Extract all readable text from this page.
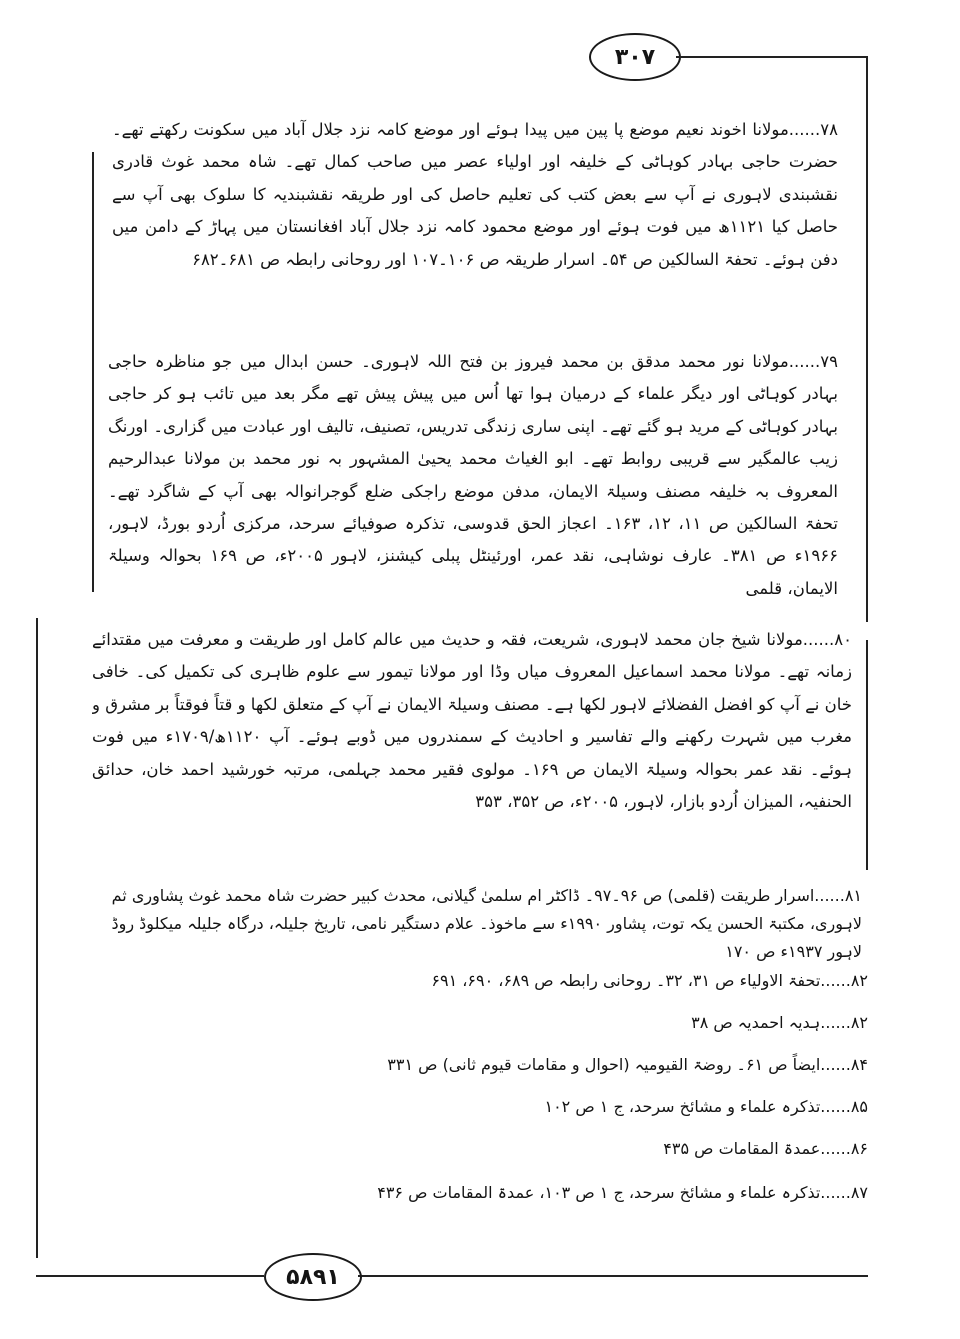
۳۰۷
۷۸......مولانا اخوند نعیم موضع پا پین میں پیدا ہوئے اور موضع کامہ نزد جلال آباد میں سکونت رکھتے تھے۔ حضرت حاجی بہادر کوہاٹی کے خلیفہ اور اولیاء عصر میں صاحب کمال تھے۔ شاہ محمد غوث قادری نقشبندی لاہوری نے آپ سے بعض کتب کی تعلیم حاصل کی اور طریقہ نقشبندیہ کا سلوک بھی آپ سے حاصل کیا ۱۱۲۱ھ میں فوت ہوئے اور موضع محمود کامہ نزد جلال آباد افغانستان میں پہاڑ کے دامن میں دفن ہوئے۔ تحفۃ السالکین ص ۵۴۔ اسرار طریقہ ص ۱۰۶۔۱۰۷ اور روحانی رابطہ ص ۶۸۱۔۶۸۲
۷۹......مولانا نور محمد مدقق بن محمد فیروز بن فتح اللہ لاہوری۔ حسن ابدال میں جو مناظرہ حاجی بہادر کوہاٹی اور دیگر علماء کے درمیان ہوا تھا اُس میں پیش پیش تھے مگر بعد میں تائب ہو کر حاجی بہادر کوہاٹی کے مرید ہو گئے تھے۔ اپنی ساری زندگی تدریس، تصنیف، تالیف اور عبادت میں گزاری۔ اورنگ زیب عالمگیر سے قریبی روابط تھے۔ ابو الغیاث محمد یحییٰ المشہور بہ نور محمد بن مولانا عبدالرحیم المعروف بہ خلیفہ مصنف وسیلۃ الایمان، مدفن موضع راجکی ضلع گوجرانوالہ بھی آپ کے شاگرد تھے۔ تحفۃ السالکین ص ۱۱، ۱۲، ۱۶۳۔ اعجاز الحق قدوسی، تذکرہ صوفیائے سرحد، مرکزی اُردو بورڈ، لاہور، ۱۹۶۶ء ص ۳۸۱۔ عارف نوشاہی، نقد عمر، اورئینٹل پبلی کیشنز، لاہور ۲۰۰۵ء، ص ۱۶۹ بحوالہ وسیلۃ الایمان، قلمی
۸۰......مولانا شیخ جان محمد لاہوری، شریعت، فقہ و حدیث میں عالم کامل اور طریقت و معرفت میں مقتدائے زمانہ تھے۔ مولانا محمد اسماعیل المعروف میاں وڈا اور مولانا تیمور سے علوم ظاہری کی تکمیل کی۔ خافی خان نے آپ کو افضل الفضلائے لاہور لکھا ہے۔ مصنف وسیلۃ الایمان نے آپ کے متعلق لکھا و قتاً فوقتاً بر مشرق و مغرب میں شہرت رکھنے والے تفاسیر و احادیث کے سمندروں میں ڈوبے ہوئے۔ آپ ۱۱۲۰ھ/۱۷۰۹ء میں فوت ہوئے۔ نقد عمر بحوالہ وسیلۃ الایمان ص ۱۶۹۔ مولوی فقیر محمد جہلمی، مرتبہ خورشید احمد خان، حدائق الحنفیہ، المیزان اُردو بازار، لاہور، ۲۰۰۵ء، ص ۳۵۲، ۳۵۳
۸۱......اسرار طریقت (قلمی) ص ۹۶۔۹۷۔ ڈاکٹر ام سلمیٰ گیلانی، محدث کبیر حضرت شاہ محمد غوث پشاوری ثم لاہوری، مکتبۃ الحسن یکہ توت، پشاور ۱۹۹۰ء سے ماخوذ۔ علام دستگیر نامی، تاریخ جلیلہ، درگاہ جلیلہ میکلوڈ روڈ لاہور ۱۹۳۷ء ص ۱۷۰
۸۲......تحفۃ الاولیاء ص ۳۱، ۳۲۔ روحانی رابطہ ص ۶۸۹، ۶۹۰، ۶۹۱
۸۲......ہدیہ احمدیہ ص ۳۸
۸۴......ایضاً ص ۶۱۔ روضۃ القیومیہ (احوال و مقامات قیوم ثانی) ص ۳۳۱
۸۵......تذکرہ علماء و مشائخ سرحد، ج ۱ ص ۱۰۲
۸۶......عمدۃ المقامات ص ۴۳۵
۸۷......تذکرہ علماء و مشائخ سرحد، ج ۱ ص ۱۰۳، عمدۃ المقامات ص ۴۳۶
۵۸۹۱
